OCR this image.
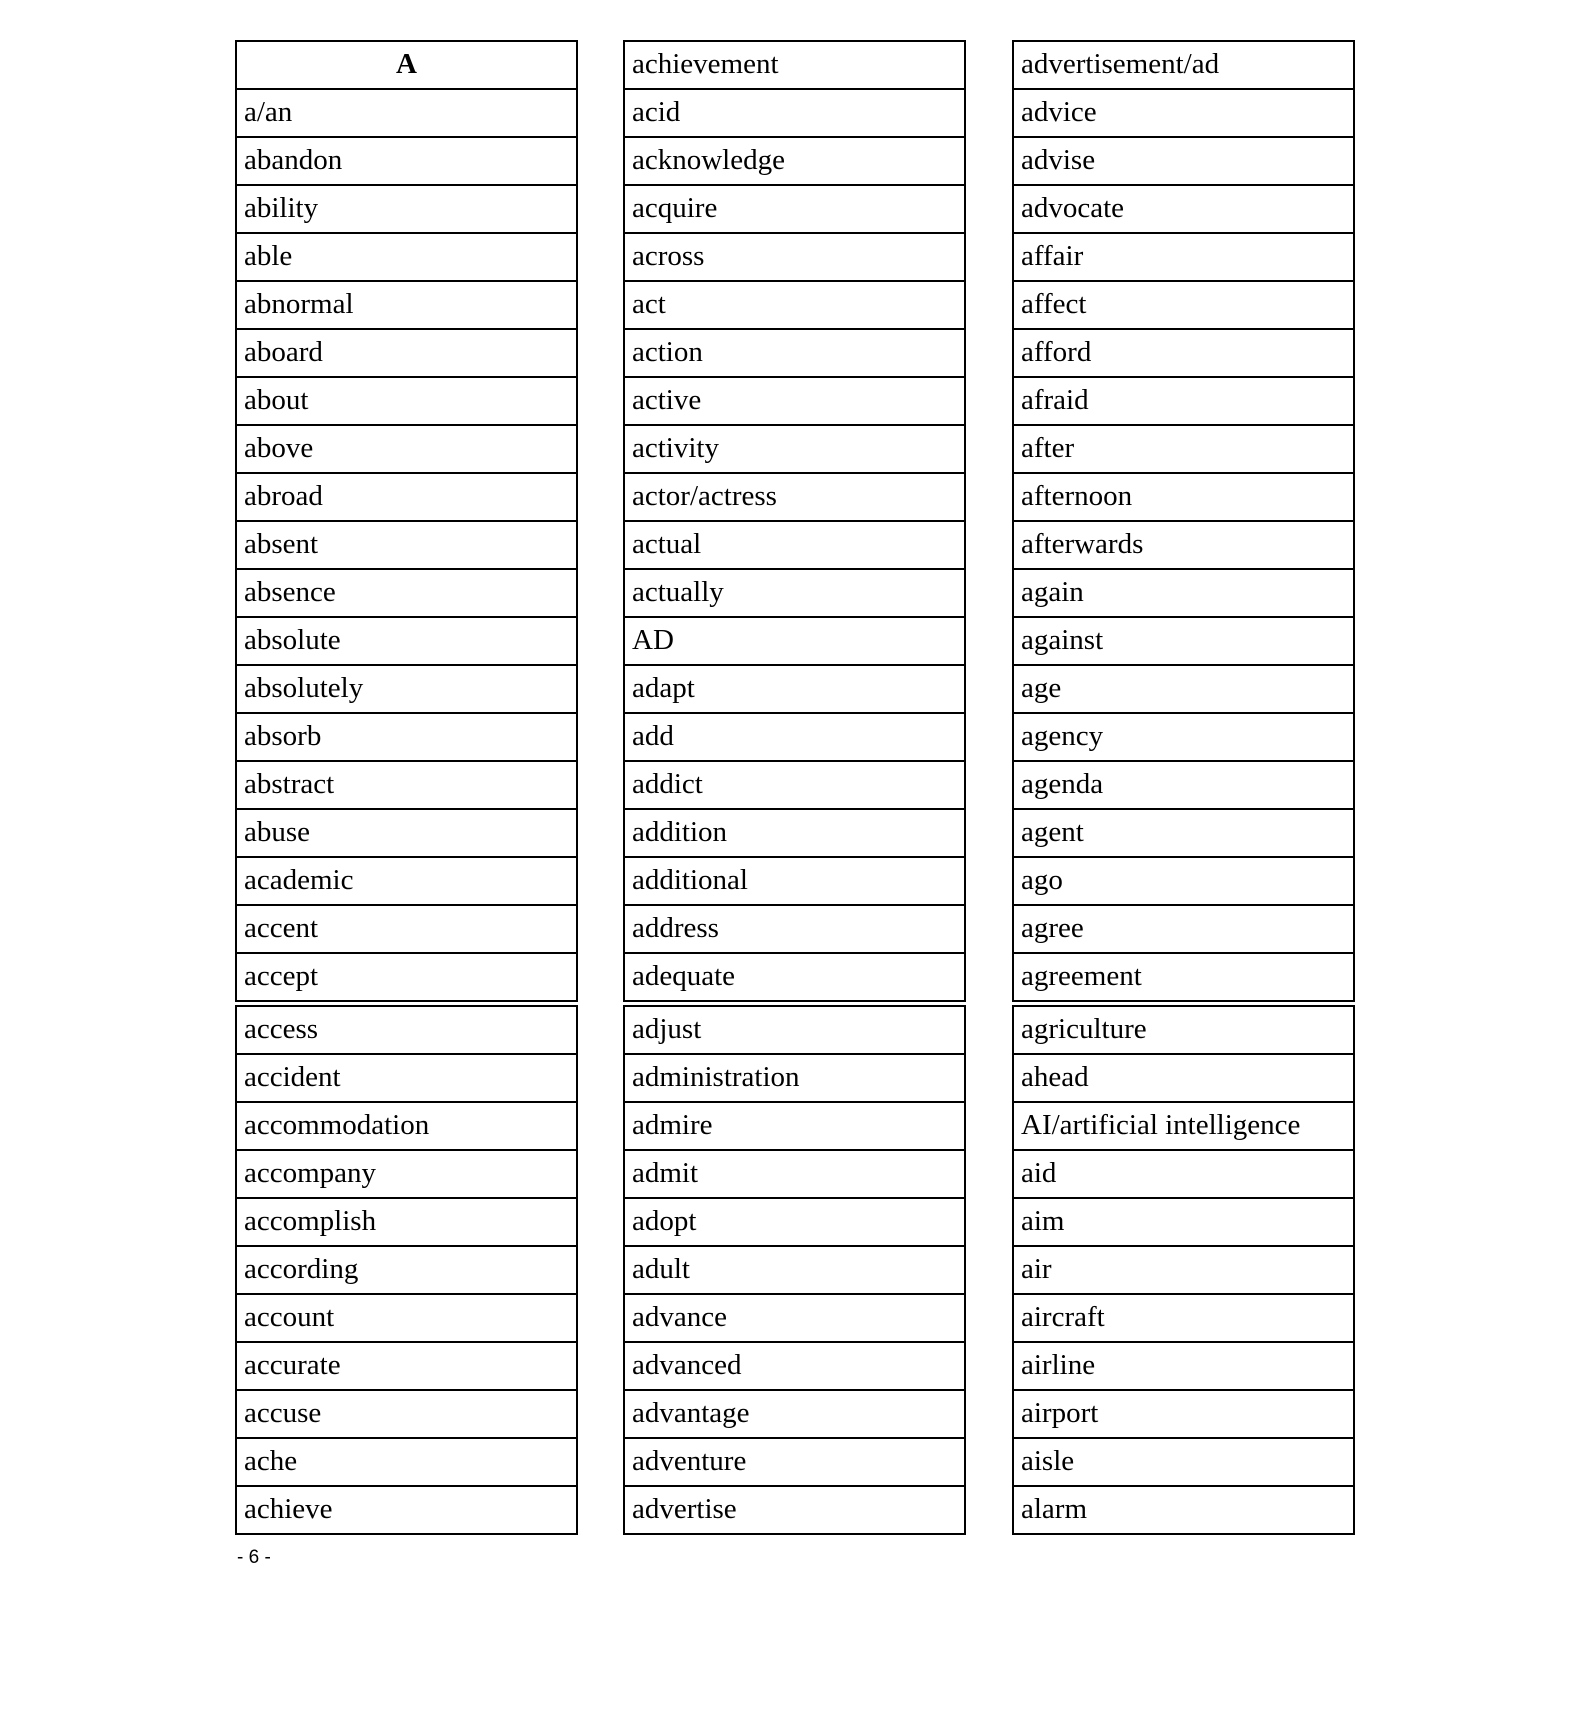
A
a/an
abandon
ability
able
abnormal
aboard
about
above
abroad
absent
absence
absolute
absolutely
absorb
abstract
abuse
academic
accent
accept
access
accident
accommodation
accompany
accomplish
according
account
accurate
accuse
ache
achieve
achievement
acid
acknowledge
acquire
across
act
action
active
activity
actor/actress
actual
actually
AD
adapt
add
addict
addition
additional
address
adequate
adjust
administration
admire
admit
adopt
adult
advance
advanced
advantage
adventure
advertise
advertisement/ad
advice
advise
advocate
affair
affect
afford
afraid
after
afternoon
afterwards
again
against
age
agency
agenda
agent
ago
agree
agreement
agriculture
ahead
AI/artificial intelligence
aid
aim
air
aircraft
airline
airport
aisle
alarm
- 6 -
